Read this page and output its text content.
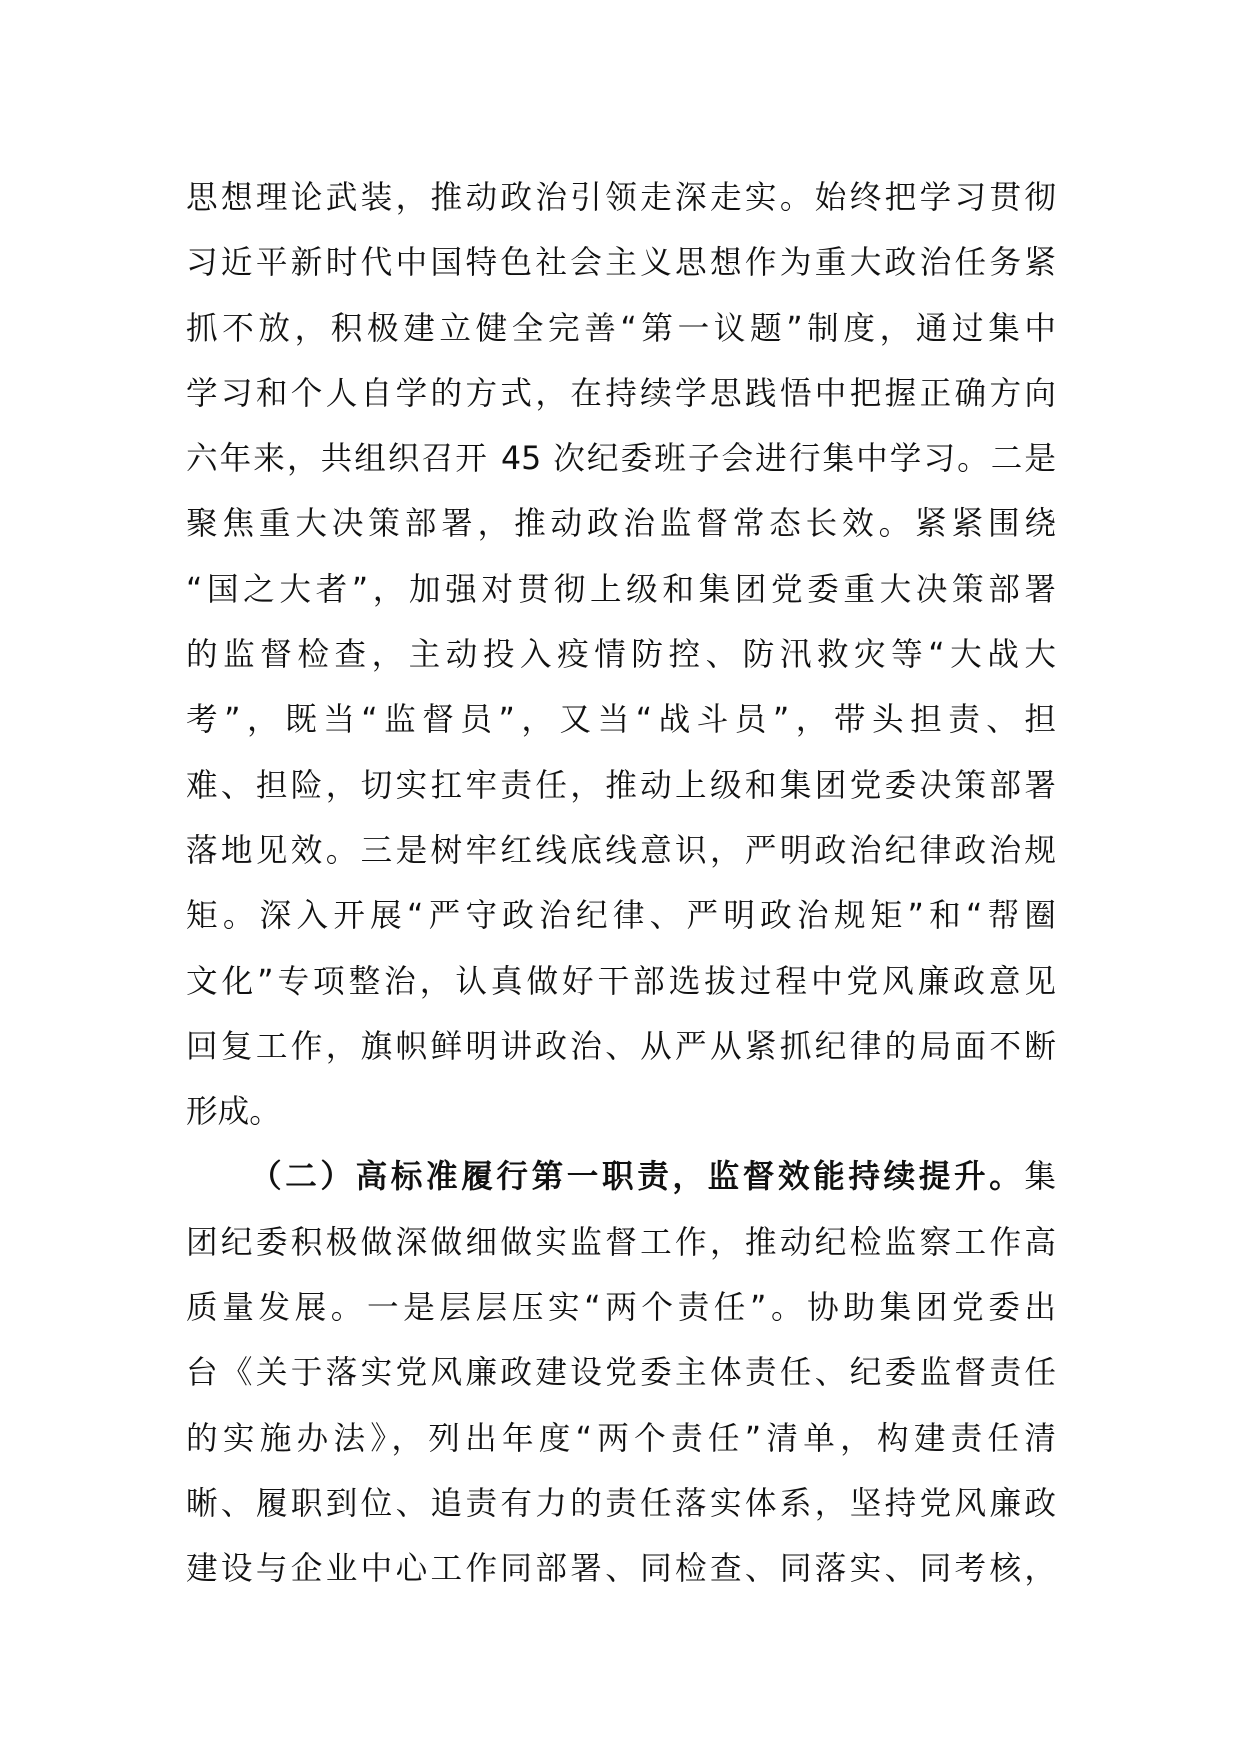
思想理论武装，推动政治引领走深走实。始终把学习贯彻
习近平新时代中国特色社会主义思想作为重大政治任务紧
抓不放，积极建立健全完善“第一议题”制度，通过集中
学习和个人自学的方式，在持续学思践悟中把握正确方向
六年来，共组织召开 45 次纪委班子会进行集中学习。二是
聚焦重大决策部署，推动政治监督常态长效。紧紧围绕
“国之大者”，加强对贯彻上级和集团党委重大决策部署
的监督检查，主动投入疫情防控、防汛救灾等“大战大
考”，既当“监督员”，又当“战斗员”，带头担责、担
难、担险，切实扛牢责任，推动上级和集团党委决策部署
落地见效。三是树牢红线底线意识，严明政治纪律政治规
矩。深入开展“严守政治纪律、严明政治规矩”和“帮圈
文化”专项整治，认真做好干部选拔过程中党风廉政意见
回复工作，旗帜鲜明讲政治、从严从紧抓纪律的局面不断
形成。
（二）高标准履行第一职责，监督效能持续提升。集
团纪委积极做深做细做实监督工作，推动纪检监察工作高
质量发展。一是层层压实“两个责任”。协助集团党委出
台《关于落实党风廉政建设党委主体责任、纪委监督责任
的实施办法》，列出年度“两个责任”清单，构建责任清
晰、履职到位、追责有力的责任落实体系，坚持党风廉政
建设与企业中心工作同部署、同检查、同落实、同考核，
